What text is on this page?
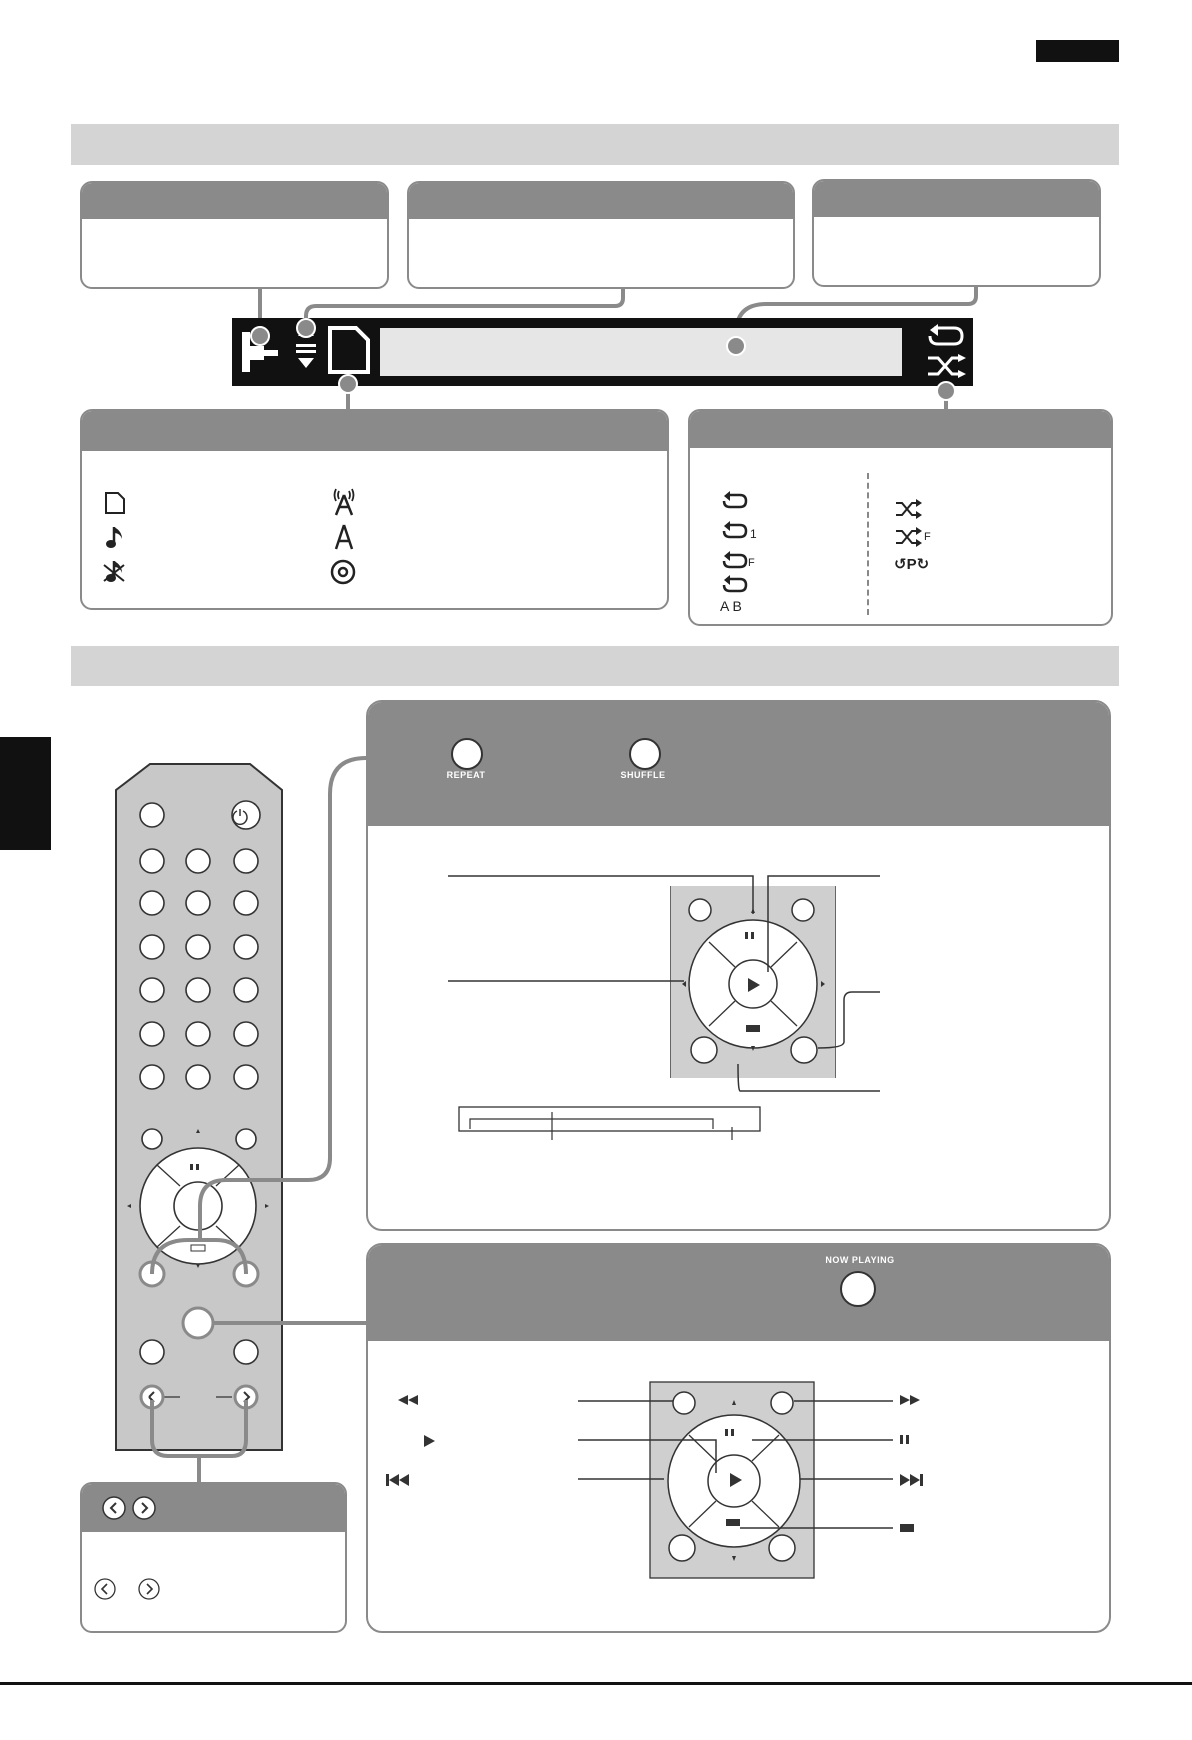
1
F
A B
F
↺P↻
REPEAT	SHUFFLE
NOW PLAYING
